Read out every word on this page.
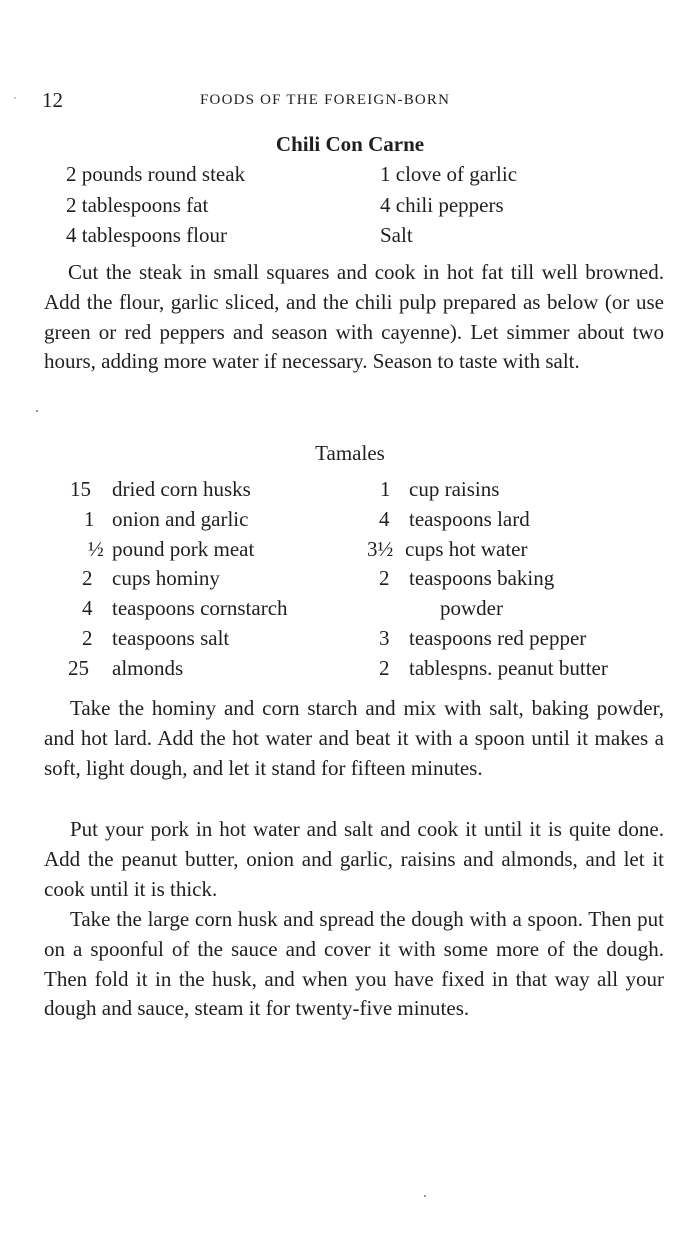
12	FOODS OF THE FOREIGN-BORN
Chili Con Carne
2 pounds round steak
2 tablespoons fat
4 tablespoons flour
1 clove of garlic
4 chili peppers
Salt

Cut the steak in small squares and cook in hot fat till well browned. Add the flour, garlic sliced, and the chili pulp prepared as below (or use green or red peppers and season with cayenne). Let simmer about two hours, adding more water if necessary. Season to taste with salt.

Tamales
15 dried corn husks
1 onion and garlic
½ pound pork meat
2 cups hominy
4 teaspoons cornstarch
2 teaspoons salt
25 almonds
1 cup raisins
4 teaspoons lard
3½ cups hot water
2 teaspoons baking
powder
3 teaspoons red pepper
2 tablespns. peanut butter

Take the hominy and corn starch and mix with salt, baking powder, and hot lard. Add the hot water and beat it with a spoon until it makes a soft, light dough, and let it stand for fifteen minutes.

Put your pork in hot water and salt and cook it until it is quite done. Add the peanut butter, onion and garlic, raisins and almonds, and let it cook until it is thick.

Take the large corn husk and spread the dough with a spoon. Then put on a spoonful of the sauce and cover it with some more of the dough. Then fold it in the husk, and when you have fixed in that way all your dough and sauce, steam it for twenty-five minutes.
